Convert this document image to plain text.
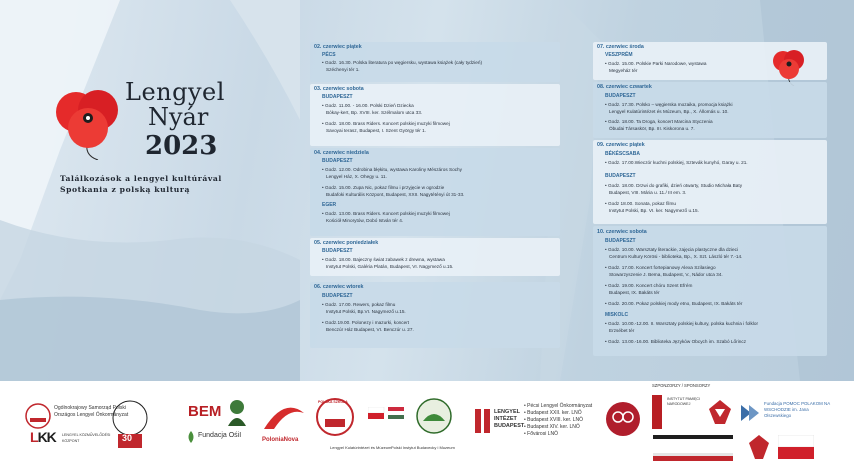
Lengyel
Nyár
2023
Találkozások a lengyel kultúrával
Spotkania z polską kulturą
02. czerwiec piątek
PÉCS
• Godz. 16.30. Polska literatura po węgiersku, wystawa książek (cały tydzień)
Széchenyi tér 1.
03. czerwiec sobota
BUDAPESZT
• Godz. 11.00. - 16.00. Polski Dzień Dziecka
Bókay-kert, Bp. XVIII. ker. Szélmalom utca 33.
• Godz. 18.00. Brass Riders. Koncert polskiej muzyki filmowej
Savoyai terasz, Budapest, I. Szent György tér 1.
04. czerwiec niedziela
BUDAPESZT
• Godz. 12.00. Odrobina błękitu, wystawa Karoliny Mészáros Sochy
Lengyel Ház, X. Ohegy u. 11.
• Godz. 15.00. Zupa Nic, pokaz filmu i przyjęcie w ogrodzie
Budafoki Kulturális Központ, Budapest, XXII. Nagytétényi út 31-33.
EGER
• Godz. 13.00. Brass Riders. Koncert polskiej muzyki filmowej
Kościół Minorytów, Dobó István tér 4.
05. czerwiec poniedziałek
BUDAPESZT
• Godz. 18.00. Bajeczny świat zabawek z drewna, wystawa
Instytut Polski, Galéria Platán, Budapest, VI. Nagymező u.15.
06. czerwiec wtorek
BUDAPESZT
• Godz. 17.00. Rewers, pokaz filmu
Instytut Polski, Bp.VI. Nagymező u.15.
• Godz.19.00. Polonezy i mazurki, koncert
Benczúr Ház Budapest, VI. Benczúr u. 27.
07. czerwiec środa
VESZPRÉM
• Godz. 15.00. Polskie Parki Narodowe, wystawa
Megyeház tér
08. czerwiec czwartek
BUDAPESZT
• Godz. 17.30. Polsko – węgierska mozaika, promocja książki
Lengyel Kulatúrintézet és Múzeum, Bp., X. Állomás u. 10.
• Godz. 18.00. Ta Droga, koncert Marcina Styczenia
Óbudai Társaskör, Bp. III. Kiskorona u. 7.
09. czerwiec piątek
BÉKÉSCSABA
• Godz. 17.00.Wieczór kuchni polskiej, Sztevák kunyhó, Garay u. 21.
BUDAPESZT
• Godz. 18.00. Drzwi do grafiki, dzień otwarty, Studio Michała Baty
Budapest, VIII. Mária u. 11./ III em. 3.
• Godz 18.00. Sonata, pokaz filmu
Instytut Polski, Bp. VI. ker. Nagymező u.15.
10. czerwiec sobota
BUDAPESZT
• Godz. 10.00. Warsztaty literackie, zajęcia plastyczne dla dzieci
Centrum Kultury Körösi - biblioteka, Bp., X. Szt. László tér 7.-14.
• Godz. 17.00. Koncert fortepianowy Alexa Szilasiego
Stowarzyszenie J. Bema, Budapest, V., Nádor utca 34.
• Godz. 19.00. Koncert chóru Szent Efrém
Budapest, IX. Bakáts tér
• Godz. 20.00. Pokaz polskiej mody etno, Budapest, IX. Bakáts tér
MISKOLC
• Godz. 10.00.-12.00. II. Warsztaty polskiej kultury, polska kuchnia i folklor
Erzsébet tér
• Godz. 13.00.-16.00. Biblioteka Języków Obcych im. Szabó Lőrincz
Ogólnokrajowy Samorząd Polski
Országos Lengyel Önkormányzat
LKK LENGYEL KÖZMŰVELŐDÉSI KÖZPONT	30
BEM
Fundacja OśiI
PoloniaNova
POLSKA SZKOŁA
Lengyel Kulatúrintézet és Múzeum Polski Instytut Budavecky i Muzeum
LENGYEL INTÉZET BUDAPEST
• Pécsi Lengyel Önkormányzat
• Budapest XXII. ker. LNÖ
• Budapest XVIII. ker. LNÖ
• Budapest XIV. ker. LNÖ
• Fővárosi LNÖ
SZPONZORZY / SPONSORZY
INSTYTUT PAMIĘCI NARODOWEJ	Fundacja POMOC POLAKOM NA WSCHODZIE im. Jana Olszewskiego
